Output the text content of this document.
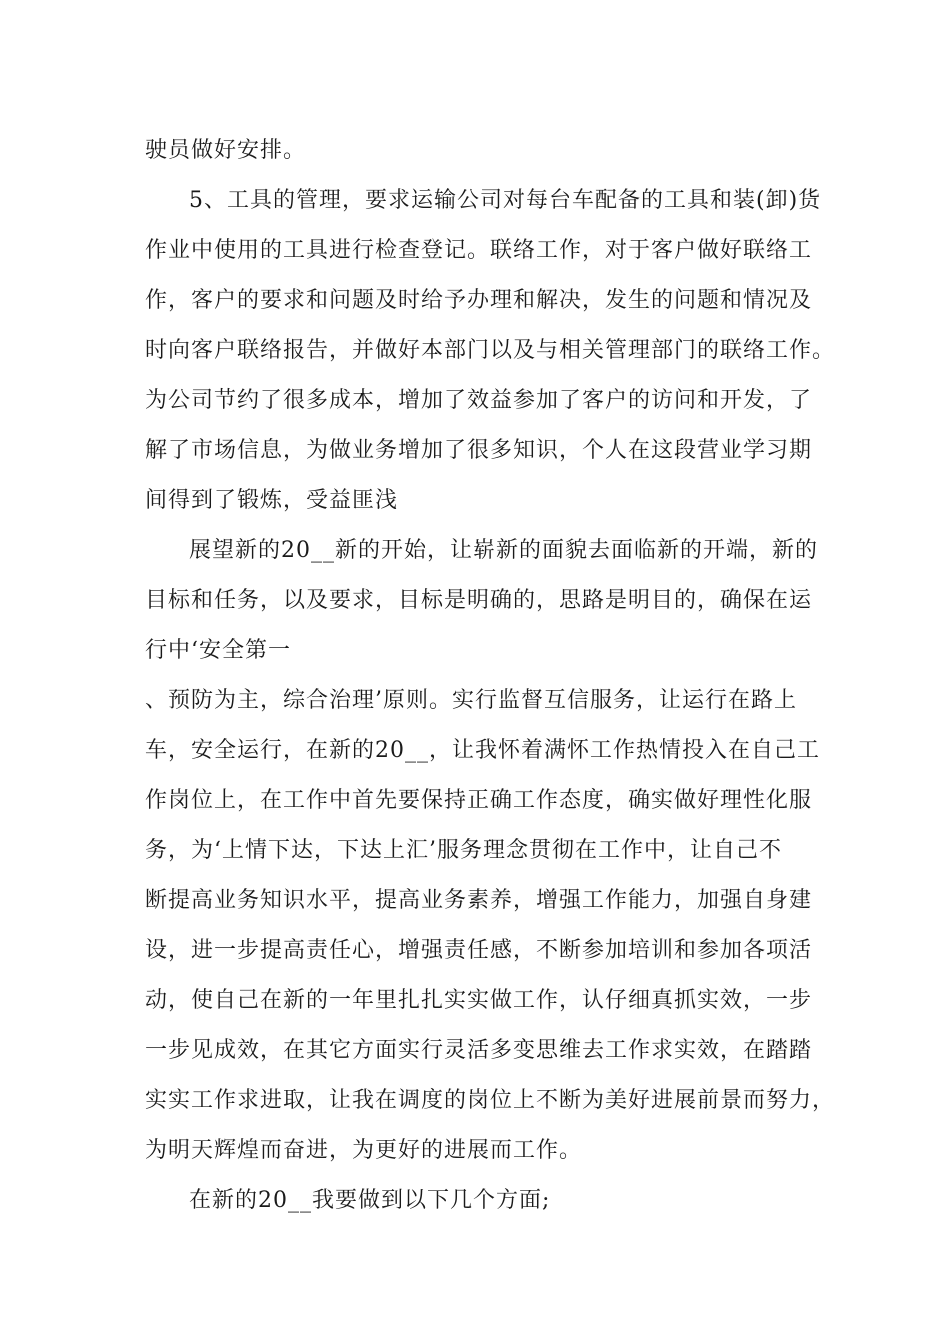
驶员做好安排。
5、工具的管理，要求运输公司对每台车配备的工具和装(卸)货
作业中使用的工具进行检查登记。联络工作，对于客户做好联络工
作，客户的要求和问题及时给予办理和解决，发生的问题和情况及
时向客户联络报告，并做好本部门以及与相关管理部门的联络工作。
为公司节约了很多成本，增加了效益参加了客户的访问和开发，了
解了市场信息，为做业务增加了很多知识，个人在这段营业学习期
间得到了锻炼，受益匪浅
展望新的20__新的开始，让崭新的面貌去面临新的开端，新的
目标和任务，以及要求，目标是明确的，思路是明目的，确保在运
行中‘安全第一
、预防为主，综合治理’原则。实行监督互信服务，让运行在路上
车，安全运行，在新的20__，让我怀着满怀工作热情投入在自己工
作岗位上，在工作中首先要保持正确工作态度，确实做好理性化服
务，为‘上情下达，下达上汇’服务理念贯彻在工作中，让自己不
断提高业务知识水平，提高业务素养，增强工作能力，加强自身建
设，进一步提高责任心，增强责任感，不断参加培训和参加各项活
动，使自己在新的一年里扎扎实实做工作，认仔细真抓实效，一步
一步见成效，在其它方面实行灵活多变思维去工作求实效，在踏踏
实实工作求进取，让我在调度的岗位上不断为美好进展前景而努力，
为明天辉煌而奋进，为更好的进展而工作。
在新的20__我要做到以下几个方面;
